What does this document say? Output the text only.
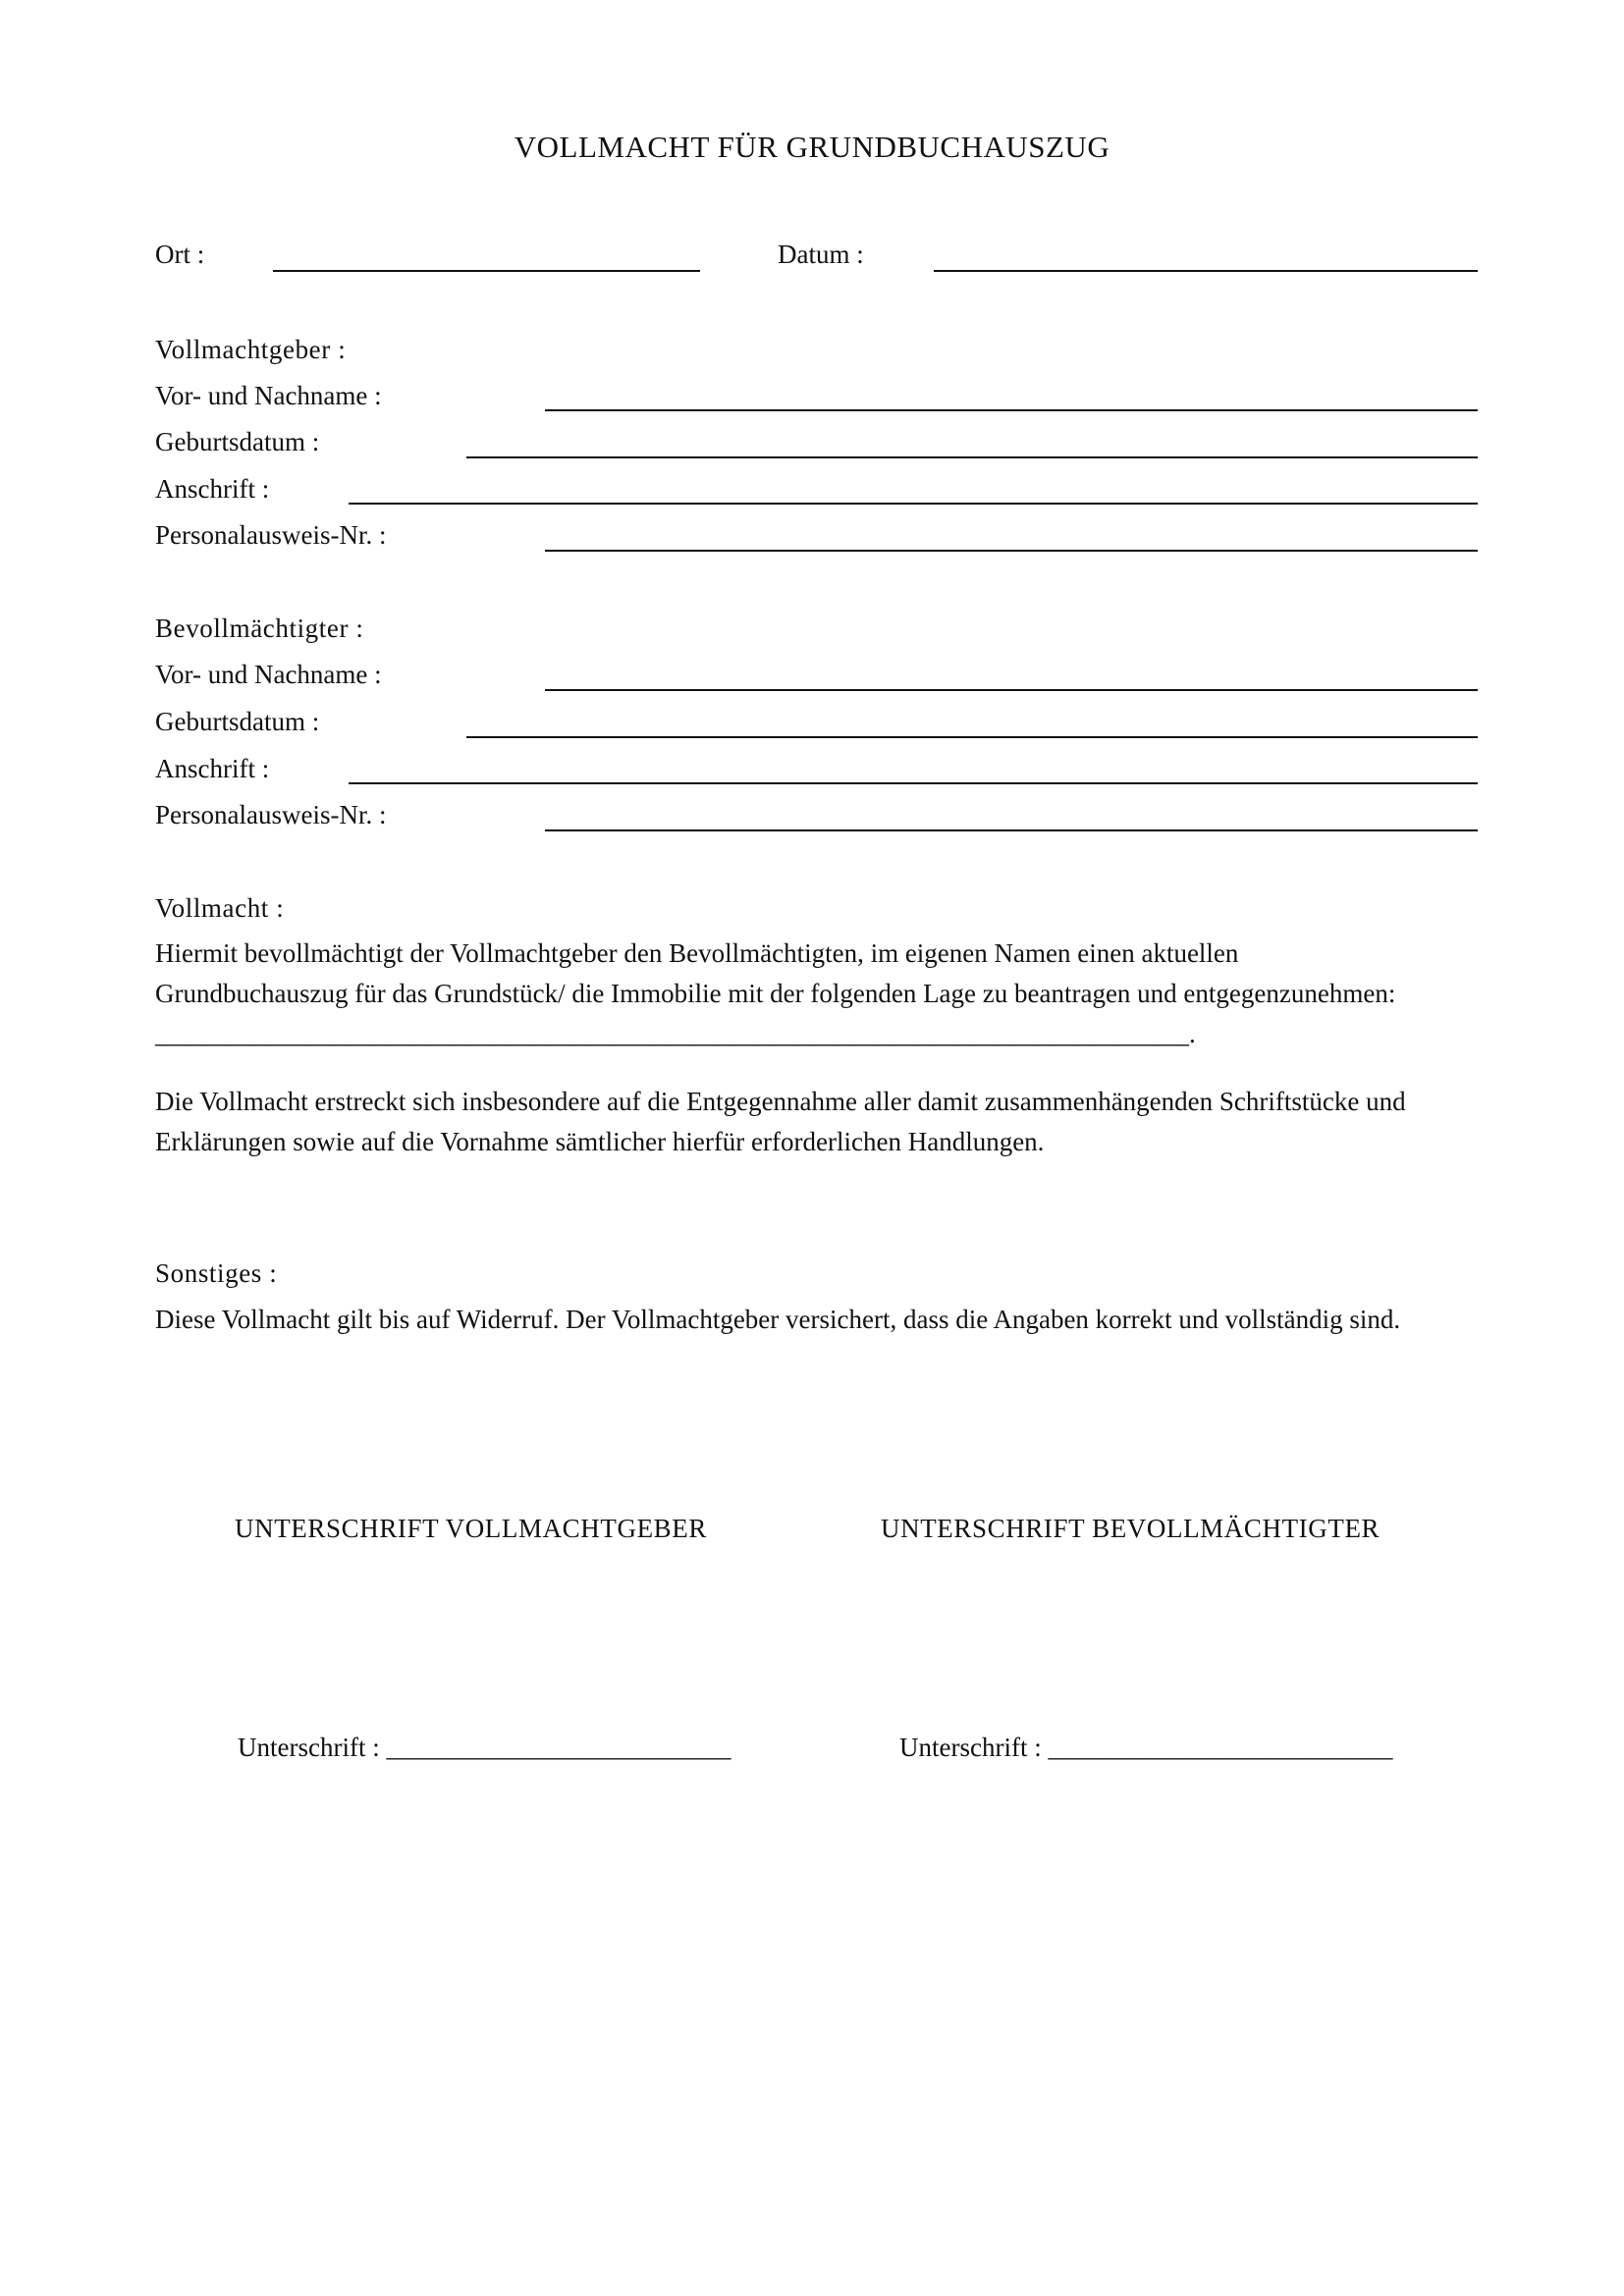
VOLLMACHT FÜR GRUNDBUCHAUSZUG
Ort :	Datum :
Vollmachtgeber :
Vor- und Nachname :
Geburtsdatum :
Anschrift :
Personalausweis-Nr. :
Bevollmächtigter :
Vor- und Nachname :
Geburtsdatum :
Anschrift :
Personalausweis-Nr. :
Vollmacht :
Hiermit bevollmächtigt der Vollmachtgeber den Bevollmächtigten, im eigenen Namen einen aktuellen
Grundbuchauszug für das Grundstück/ die Immobilie mit der folgenden Lage zu beantragen und entgegenzunehmen:
______________________________________________________________________________.
Die Vollmacht erstreckt sich insbesondere auf die Entgegennahme aller damit zusammenhängenden Schriftstücke und
Erklärungen sowie auf die Vornahme sämtlicher hierfür erforderlichen Handlungen.
Sonstiges :
Diese Vollmacht gilt bis auf Widerruf. Der Vollmachtgeber versichert, dass die Angaben korrekt und vollständig sind.
UNTERSCHRIFT VOLLMACHTGEBER	UNTERSCHRIFT BEVOLLMÄCHTIGTER
Unterschrift : __________________________	Unterschrift : __________________________
